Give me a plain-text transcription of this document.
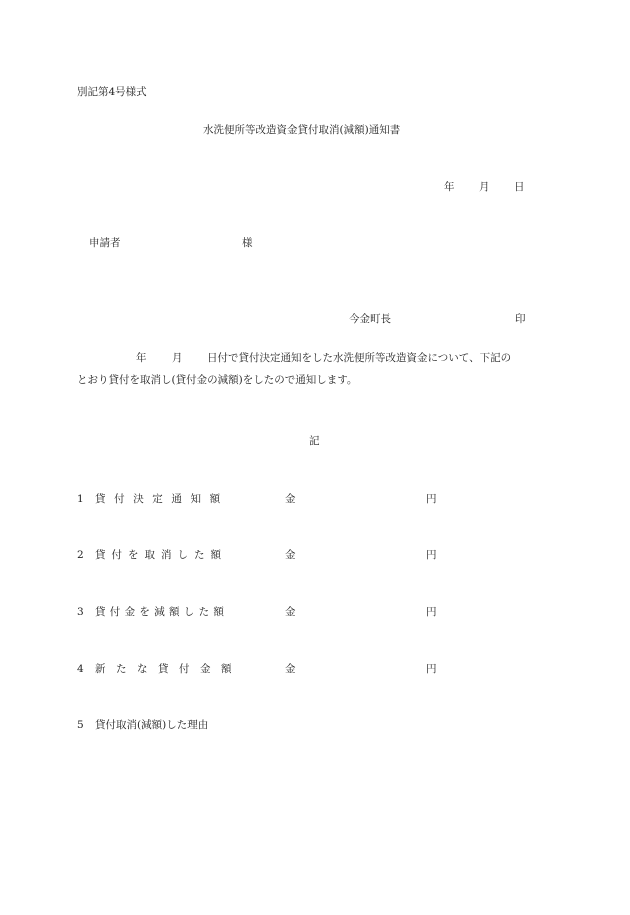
別記第4号様式
水洗便所等改造資金貸付取消(減額)通知書
年 月 日
申請者	様
今金町長	印
年 月 日付で貸付決定通知をした水洗便所等改造資金について、下記の
とおり貸付を取消し(貸付金の減額)をしたので通知します。
記
1 貸付決定通知額	金	円
2 貸付を取消した額	金	円
3 貸付金を減額した額	金	円
4 新たな貸付金額	金	円
5 貸付取消(減額)した理由
